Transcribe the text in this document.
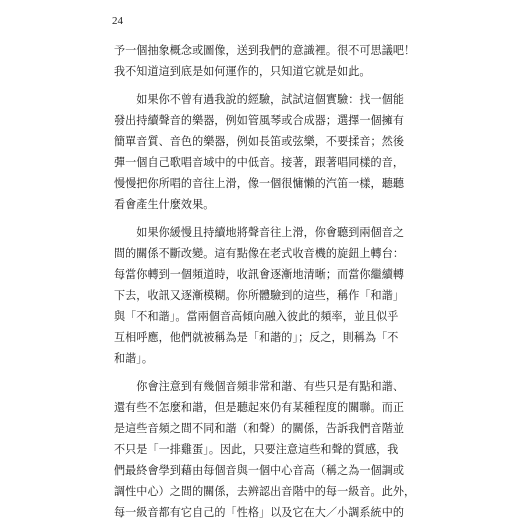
24
予一個抽象概念或圖像，送到我們的意識裡。很不可思議吧！
我不知道這到底是如何運作的，只知道它就是如此。
　　如果你不曾有過我說的經驗，試試這個實驗：找一個能
發出持續聲音的樂器，例如管風琴或合成器；選擇一個擁有
簡單音質、音色的樂器，例如長笛或弦樂，不要揉音；然後
彈一個自己歌唱音域中的中低音。接著，跟著唱同樣的音，
慢慢把你所唱的音往上滑，像一個很慵懶的汽笛一樣，聽聽
看會產生什麼效果。
　　如果你緩慢且持續地將聲音往上滑，你會聽到兩個音之
間的關係不斷改變。這有點像在老式收音機的旋鈕上轉台：
每當你轉到一個頻道時，收訊會逐漸地清晰；而當你繼續轉
下去，收訊又逐漸模糊。你所體驗到的這些，稱作「和諧」
與「不和諧」。當兩個音高傾向融入彼此的頻率，並且似乎
互相呼應，他們就被稱為是「和諧的」；反之，則稱為「不
和諧」。
　　你會注意到有幾個音頻非常和諧、有些只是有點和諧、
還有些不怎麼和諧，但是聽起來仍有某種程度的關聯。而正
是這些音頻之間不同和諧（和聲）的關係，告訴我們音階並
不只是「一排雞蛋」。因此，只要注意這些和聲的質感，我
們最終會學到藉由每個音與一個中心音高（稱之為一個調或
調性中心）之間的關係，去辨認出音階中的每一級音。此外，
每一級音都有它自己的「性格」以及它在大／小調系統中的
